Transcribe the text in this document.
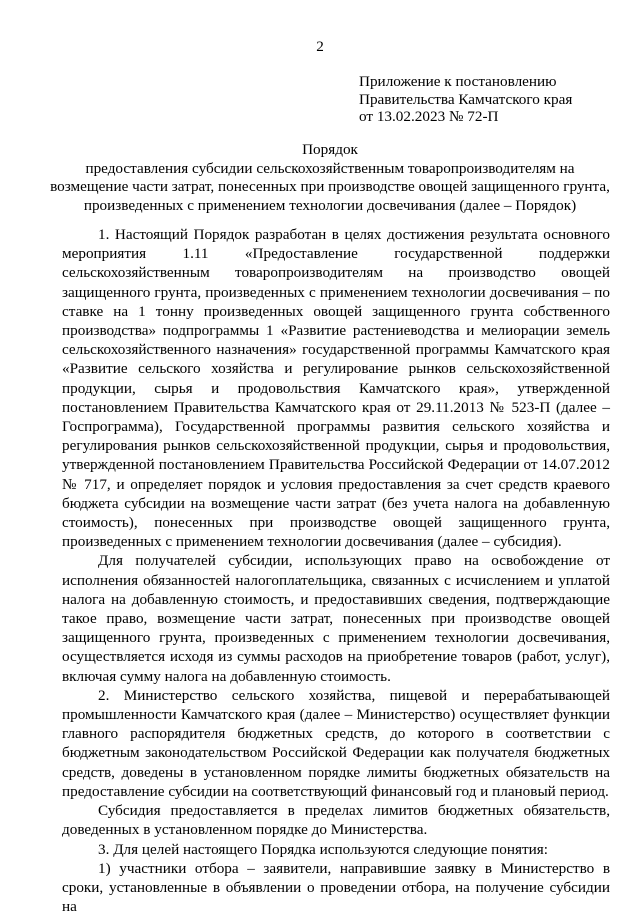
2
Приложение к постановлению
Правительства Камчатского края
от 13.02.2023 № 72-П
Порядок
предоставления субсидии сельскохозяйственным товаропроизводителям на возмещение части затрат, понесенных при производстве овощей защищенного грунта, произведенных с применением технологии досвечивания (далее – Порядок)

1. Настоящий Порядок разработан в целях достижения результата основного мероприятия 1.11 «Предоставление государственной поддержки сельскохозяйственным товаропроизводителям на производство овощей защищенного грунта, произведенных с применением технологии досвечивания – по ставке на 1 тонну произведенных овощей защищенного грунта собственного производства» подпрограммы 1 «Развитие растениеводства и мелиорации земель сельскохозяйственного назначения» государственной программы Камчатского края «Развитие сельского хозяйства и регулирование рынков сельскохозяйственной продукции, сырья и продовольствия Камчатского края», утвержденной постановлением Правительства Камчатского края от 29.11.2013 № 523-П (далее – Госпрограмма), Государственной программы развития сельского хозяйства и регулирования рынков сельскохозяйственной продукции, сырья и продовольствия, утвержденной постановлением Правительства Российской Федерации от 14.07.2012 № 717, и определяет порядок и условия предоставления за счет средств краевого бюджета субсидии на возмещение части затрат (без учета налога на добавленную стоимость), понесенных при производстве овощей защищенного грунта, произведенных с применением технологии досвечивания (далее – субсидия).

Для получателей субсидии, использующих право на освобождение от исполнения обязанностей налогоплательщика, связанных с исчислением и уплатой налога на добавленную стоимость, и предоставивших сведения, подтверждающие такое право, возмещение части затрат, понесенных при производстве овощей защищенного грунта, произведенных с применением технологии досвечивания, осуществляется исходя из суммы расходов на приобретение товаров (работ, услуг), включая сумму налога на добавленную стоимость.

2. Министерство сельского хозяйства, пищевой и перерабатывающей промышленности Камчатского края (далее – Министерство) осуществляет функции главного распорядителя бюджетных средств, до которого в соответствии с бюджетным законодательством Российской Федерации как получателя бюджетных средств, доведены в установленном порядке лимиты бюджетных обязательств на предоставление субсидии на соответствующий финансовый год и плановый период.

Субсидия предоставляется в пределах лимитов бюджетных обязательств, доведенных в установленном порядке до Министерства.

3. Для целей настоящего Порядка используются следующие понятия:

1) участники отбора – заявители, направившие заявку в Министерство в сроки, установленные в объявлении о проведении отбора, на получение субсидии на
